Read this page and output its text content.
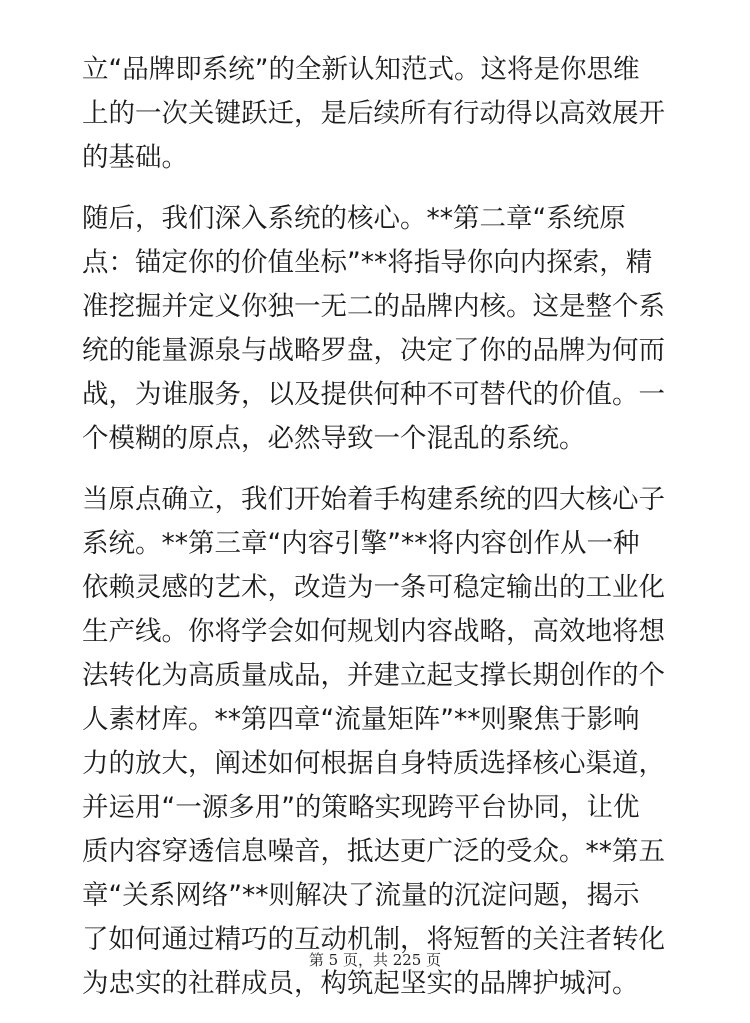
立“品牌即系统”的全新认知范式。这将是你思维
上的一次关键跃迁，是后续所有行动得以高效展开
的基础。

随后，我们深入系统的核心。**第二章“系统原
点：锚定你的价值坐标”**将指导你向内探索，精
准挖掘并定义你独一无二的品牌内核。这是整个系
统的能量源泉与战略罗盘，决定了你的品牌为何而
战，为谁服务，以及提供何种不可替代的价值。一
个模糊的原点，必然导致一个混乱的系统。

当原点确立，我们开始着手构建系统的四大核心子
系统。**第三章“内容引擎”**将内容创作从一种
依赖灵感的艺术，改造为一条可稳定输出的工业化
生产线。你将学会如何规划内容战略，高效地将想
法转化为高质量成品，并建立起支撑长期创作的个
人素材库。**第四章“流量矩阵”**则聚焦于影响
力的放大，阐述如何根据自身特质选择核心渠道，
并运用“一源多用”的策略实现跨平台协同，让优
质内容穿透信息噪音，抵达更广泛的受众。**第五
章“关系网络”**则解决了流量的沉淀问题，揭示
了如何通过精巧的互动机制，将短暂的关注者转化
为忠实的社群成员，构筑起坚实的品牌护城河。

第 5 页，共 225 页
